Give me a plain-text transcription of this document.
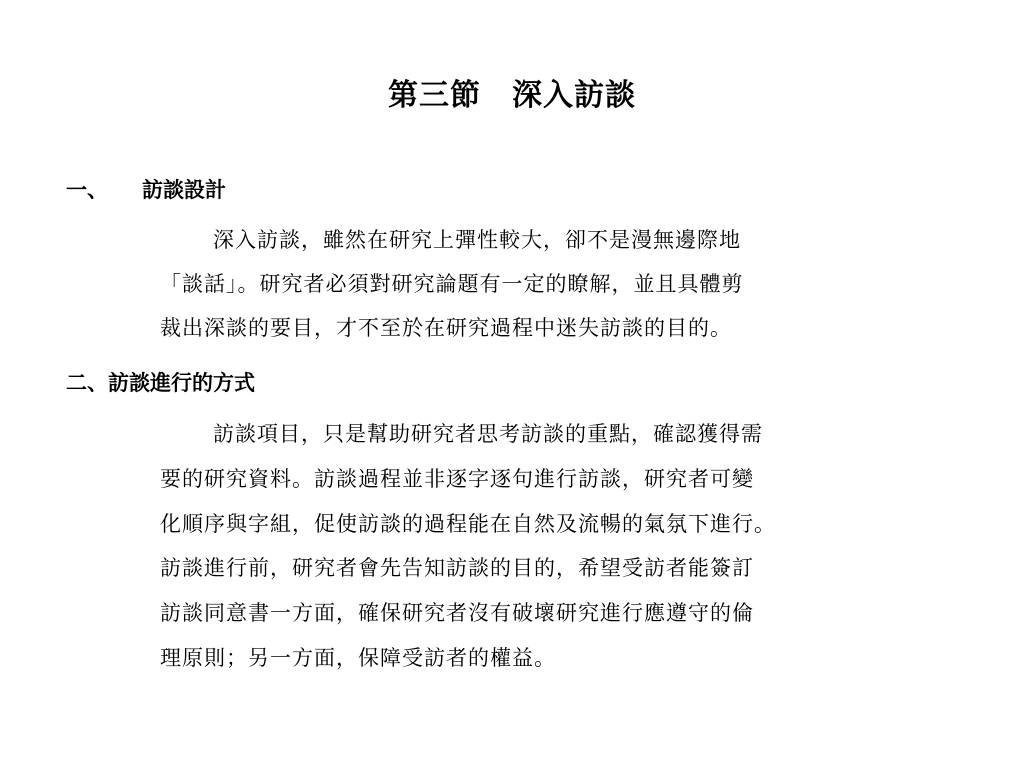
第三節　深入訪談
一、 訪談設計
深入訪談，雖然在研究上彈性較大，卻不是漫無邊際地
「談話」。研究者必須對研究論題有一定的瞭解，並且具體剪
裁出深談的要目，才不至於在研究過程中迷失訪談的目的。
二、訪談進行的方式
訪談項目，只是幫助研究者思考訪談的重點，確認獲得需
要的研究資料。訪談過程並非逐字逐句進行訪談，研究者可變
化順序與字組，促使訪談的過程能在自然及流暢的氣氛下進行。
訪談進行前，研究者會先告知訪談的目的，希望受訪者能簽訂
訪談同意書一方面，確保研究者沒有破壞研究進行應遵守的倫
理原則；另一方面，保障受訪者的權益。
